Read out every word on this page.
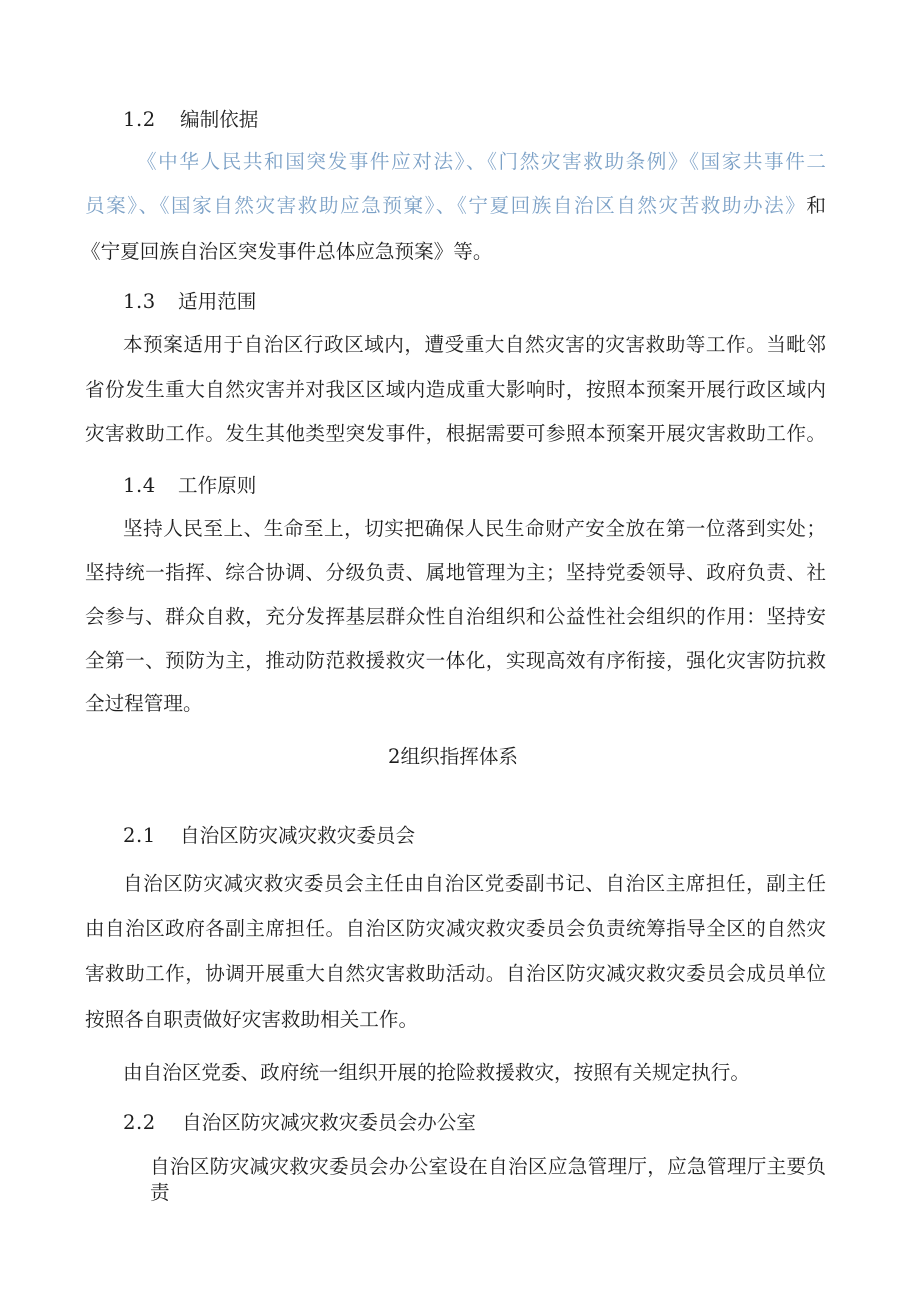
1.2 编制依据
《中华人民共和国突发事件应对法》、《门然灾害救助条例》《国家共事件二
员案》、《国家自然灾害救助应急预窠》、《宁夏回族自治区自然灾苦救助办法》和
《宁夏回族自治区突发事件总体应急预案》等。
1.3 适用范围
本预案适用于自治区行政区域内，遭受重大自然灾害的灾害救助等工作。当毗邻
省份发生重大自然灾害并对我区区域内造成重大影响时，按照本预案开展行政区域内
灾害救助工作。发生其他类型突发事件，根据需要可参照本预案开展灾害救助工作。
1.4 工作原则
坚持人民至上、生命至上，切实把确保人民生命财产安全放在第一位落到实处；
坚持统一指挥、综合协调、分级负责、属地管理为主；坚持党委领导、政府负责、社
会参与、群众自救，充分发挥基层群众性自治组织和公益性社会组织的作用：坚持安
全第一、预防为主，推动防范救援救灾一体化，实现高效有序衔接，强化灾害防抗救
全过程管理。
2组织指挥体系
2.1 自治区防灾减灾救灾委员会
自治区防灾减灾救灾委员会主任由自治区党委副书记、自治区主席担任，副主任
由自治区政府各副主席担任。自治区防灾减灾救灾委员会负责统筹指导全区的自然灾
害救助工作，协调开展重大自然灾害救助活动。自治区防灾减灾救灾委员会成员单位
按照各自职责做好灾害救助相关工作。
由自治区党委、政府统一组织开展的抢险救援救灾，按照有关规定执行。
2.2 自治区防灾减灾救灾委员会办公室
自治区防灾减灾救灾委员会办公室设在自治区应急管理厅，应急管理厅主要负责
